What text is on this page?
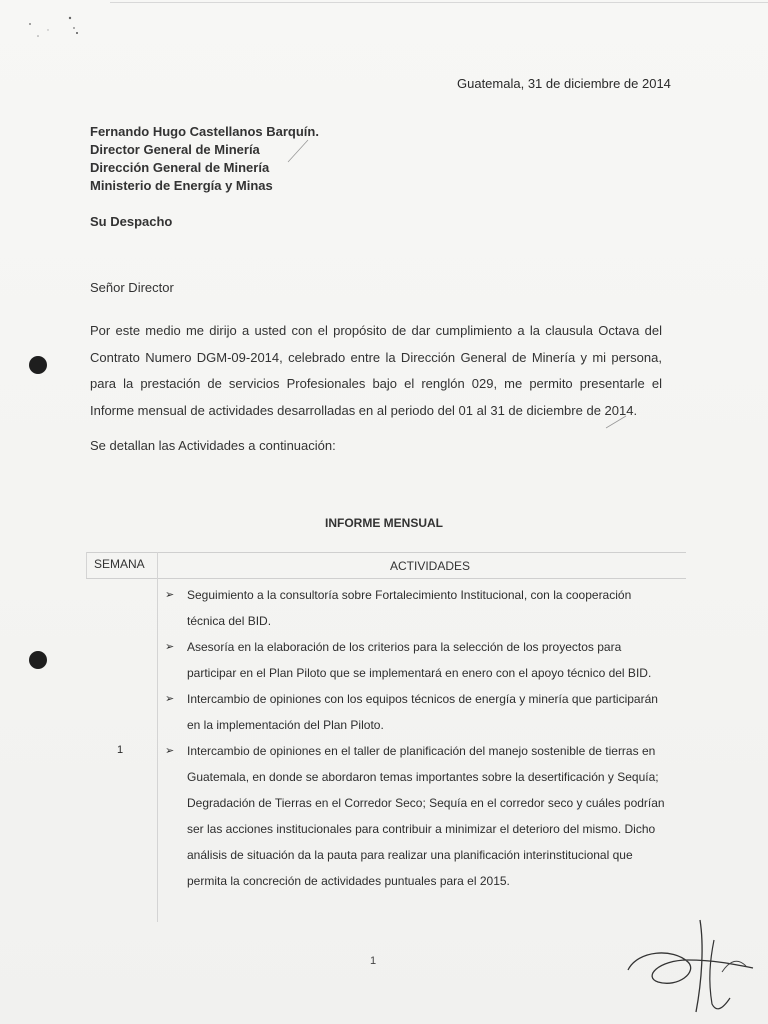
Guatemala, 31 de diciembre de 2014
Fernando Hugo Castellanos Barquín.
Director General de Minería
Dirección General de Minería
Ministerio de Energía y Minas
Su Despacho
Señor Director
Por este medio me dirijo a usted con el propósito de dar cumplimiento a la clausula Octava del
Contrato Numero DGM-09-2014, celebrado entre la Dirección General de Minería y mi persona,
para la prestación de servicios Profesionales bajo el renglón 029, me permito presentarle el
Informe mensual de actividades desarrolladas en al periodo del 01 al 31 de diciembre de 2014.
Se detallan las Actividades a continuación:
INFORME MENSUAL
SEMANA	ACTIVIDADES
1
➢ Seguimiento a la consultoría sobre Fortalecimiento Institucional, con la cooperación
técnica del BID.
➢ Asesoría en la elaboración de los criterios para la selección de los proyectos para
participar en el Plan Piloto que se implementará en enero con el apoyo técnico del BID.
➢ Intercambio de opiniones con los equipos técnicos de energía y minería que participarán
en la implementación del Plan Piloto.
➢ Intercambio de opiniones en el taller de planificación del manejo sostenible de tierras en
Guatemala, en donde se abordaron temas importantes sobre la desertificación y Sequía;
Degradación de Tierras en el Corredor Seco; Sequía en el corredor seco y cuáles podrían
ser las acciones institucionales para contribuir a minimizar el deterioro del mismo. Dicho
análisis de situación da la pauta para realizar una planificación interinstitucional que
permita la concreción de actividades puntuales para el 2015.
1
